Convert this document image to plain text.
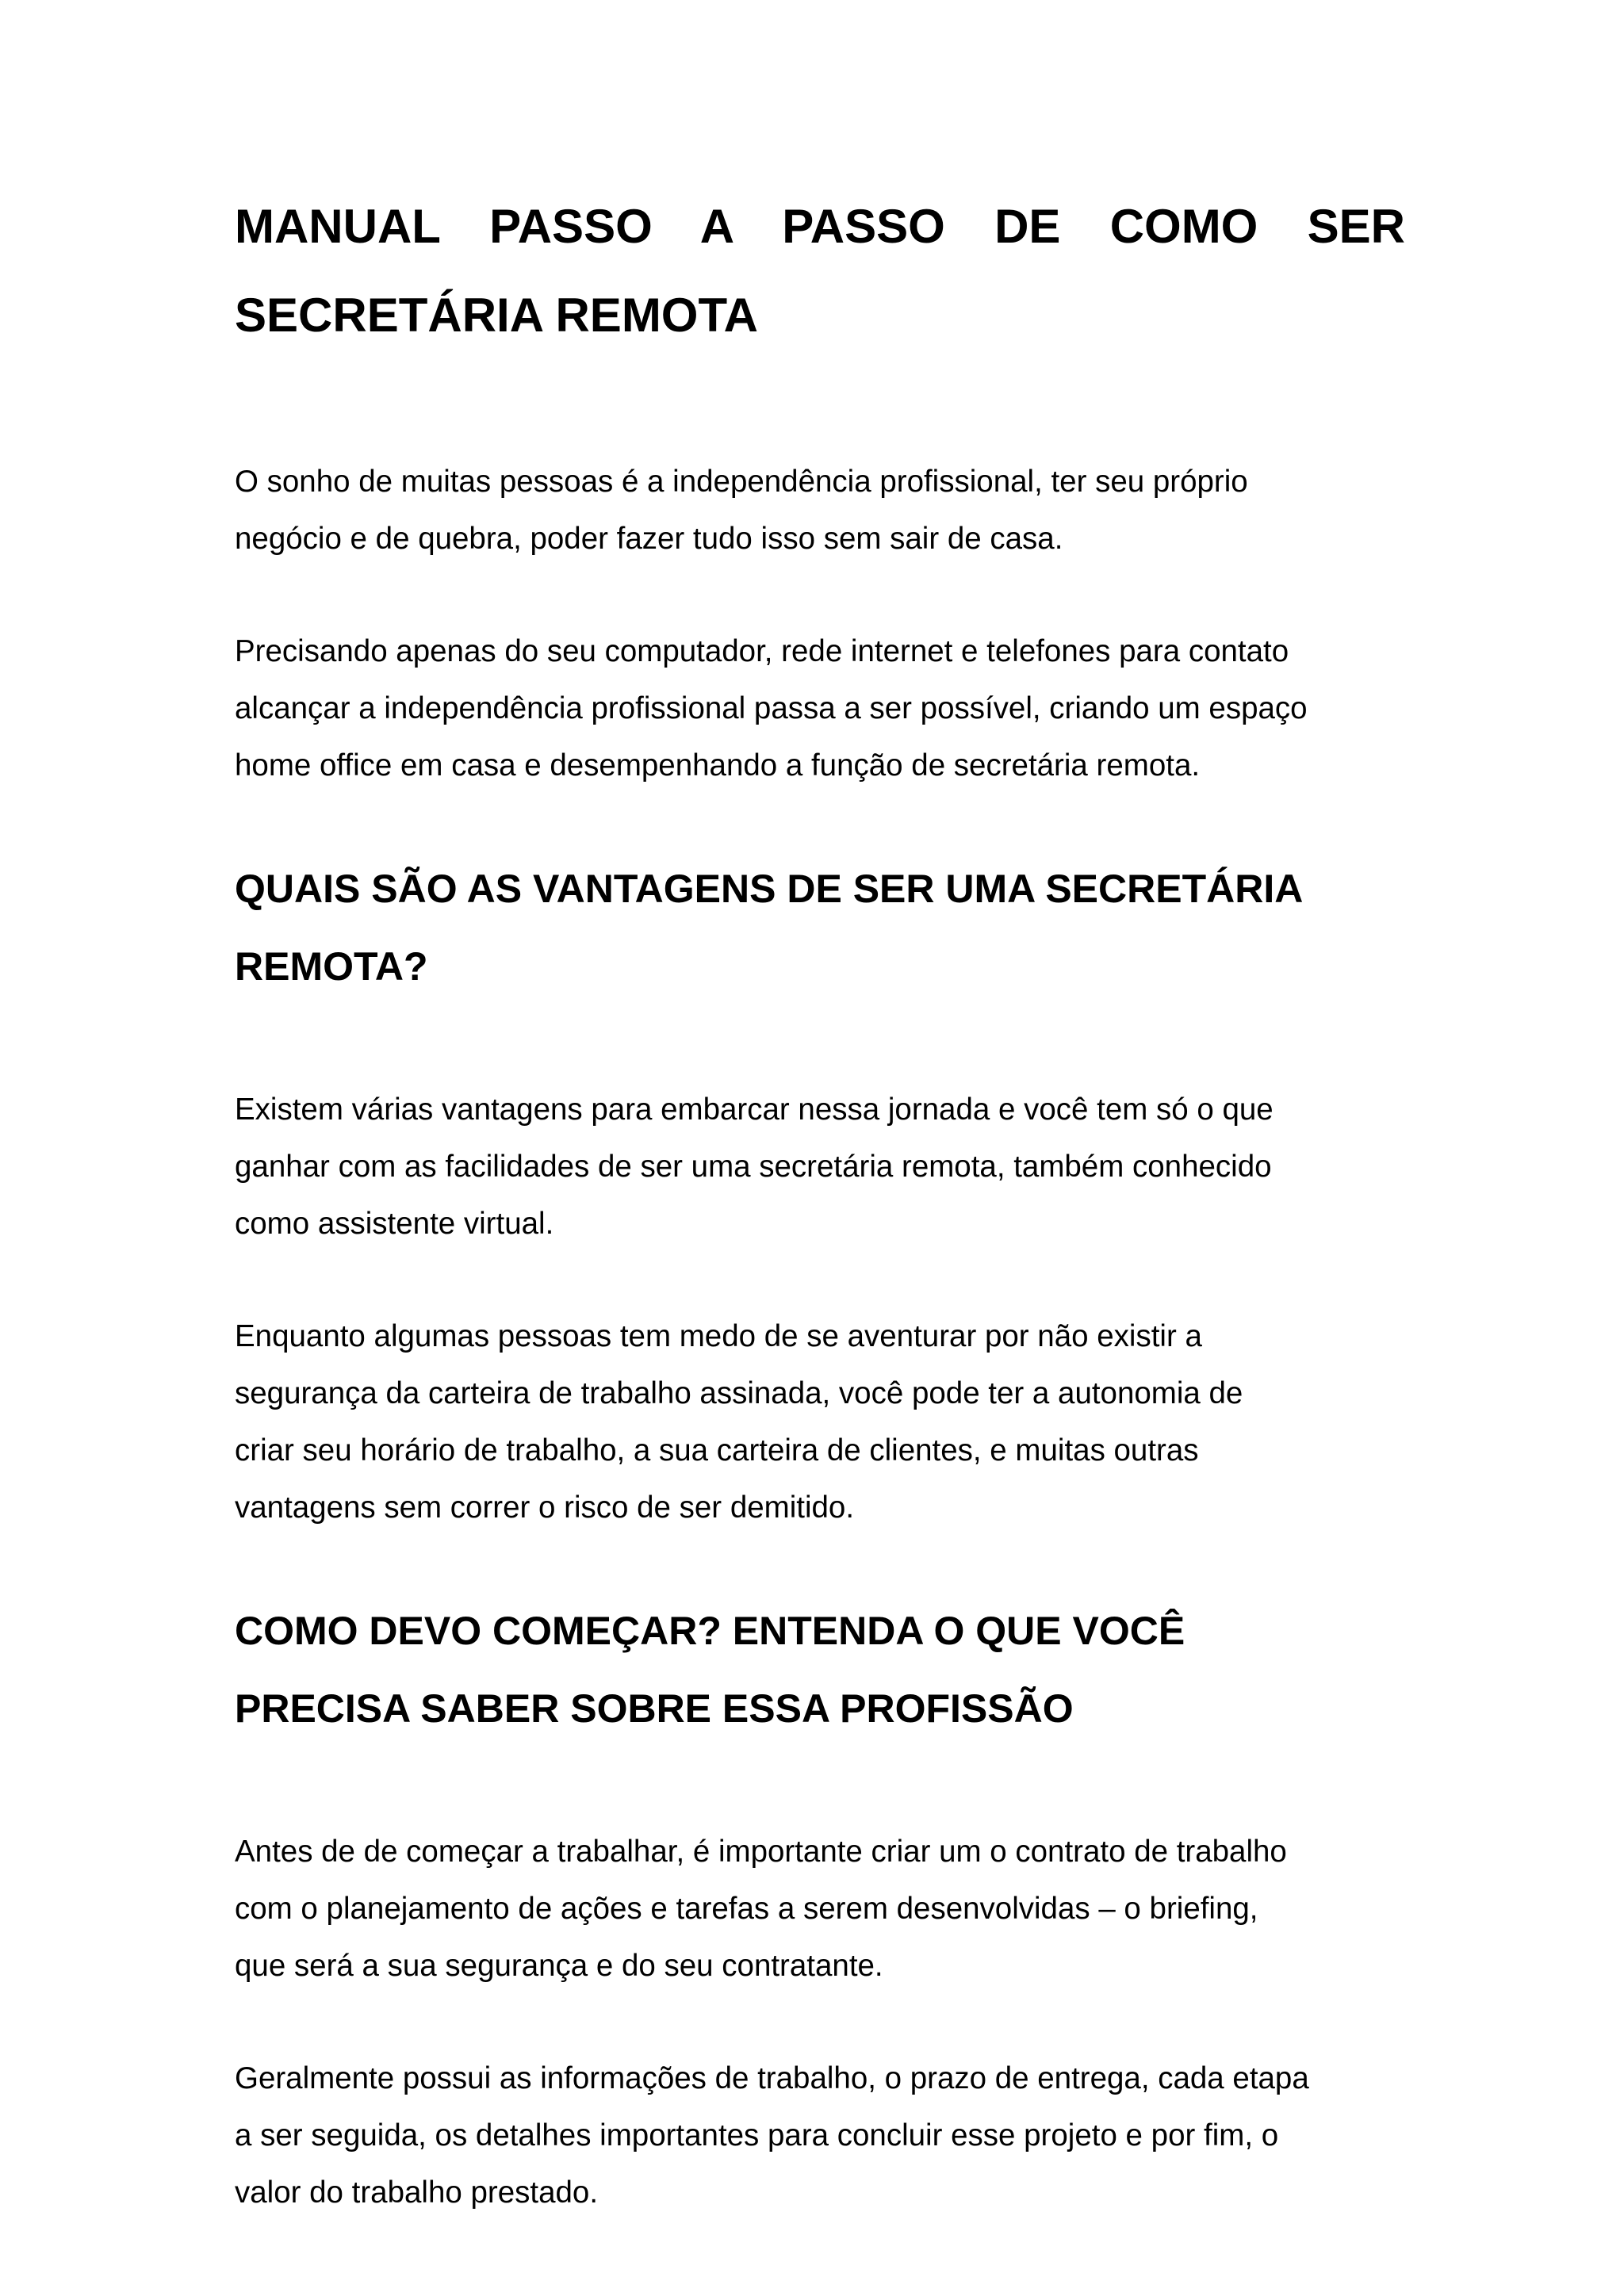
MANUAL PASSO A PASSO DE COMO SER
SECRETÁRIA REMOTA

O sonho de muitas pessoas é a independência profissional, ter seu próprio
negócio e de quebra, poder fazer tudo isso sem sair de casa.

Precisando apenas do seu computador, rede internet e telefones para contato
alcançar a independência profissional passa a ser possível, criando um espaço
home office em casa e desempenhando a função de secretária remota.

QUAIS SÃO AS VANTAGENS DE SER UMA SECRETÁRIA
REMOTA?

Existem várias vantagens para embarcar nessa jornada e você tem só o que
ganhar com as facilidades de ser uma secretária remota, também conhecido
como assistente virtual.

Enquanto algumas pessoas tem medo de se aventurar por não existir a
segurança da carteira de trabalho assinada, você pode ter a autonomia de
criar seu horário de trabalho, a sua carteira de clientes, e muitas outras
vantagens sem correr o risco de ser demitido.

COMO DEVO COMEÇAR? ENTENDA O QUE VOCÊ
PRECISA SABER SOBRE ESSA PROFISSÃO

Antes de de começar a trabalhar, é importante criar um o contrato de trabalho
com o planejamento de ações e tarefas a serem desenvolvidas – o briefing,
que será a sua segurança e do seu contratante.

Geralmente possui as informações de trabalho, o prazo de entrega, cada etapa
a ser seguida, os detalhes importantes para concluir esse projeto e por fim, o
valor do trabalho prestado.
